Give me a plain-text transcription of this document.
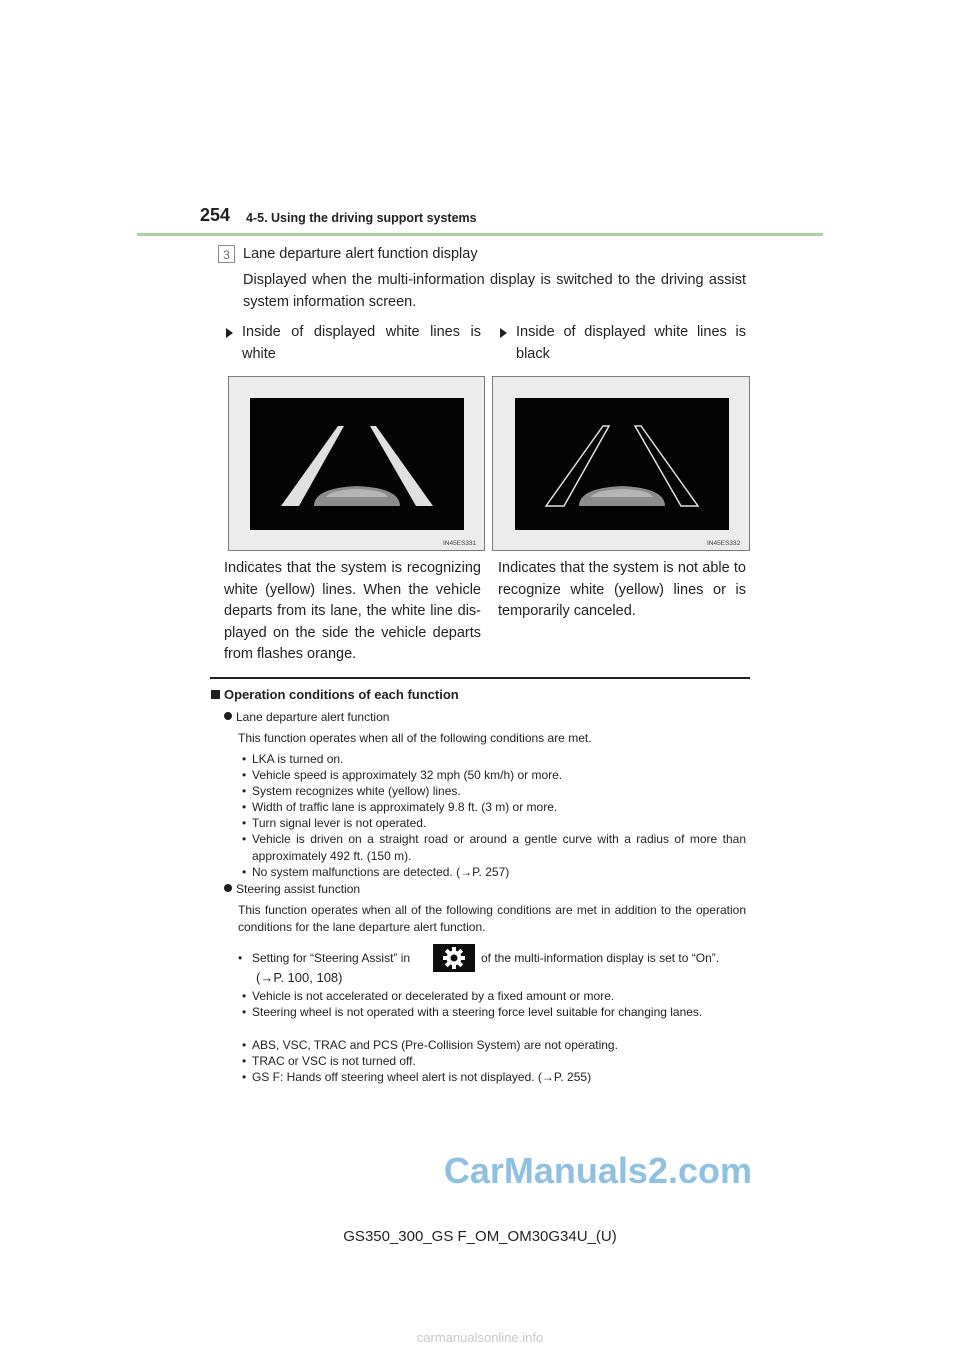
254 4-5. Using the driving support systems
3 Lane departure alert function display
Displayed when the multi-information display is switched to the driving assist system information screen.
Inside of displayed white lines is white
Inside of displayed white lines is black
IN45ES331	IN45ES332
Indicates that the system is recognizing white (yellow) lines. When the vehicle departs from its lane, the white line dis- played on the side the vehicle departs from flashes orange.
Indicates that the system is not able to recognize white (yellow) lines or is temporarily canceled.
Operation conditions of each function
Lane departure alert function
This function operates when all of the following conditions are met.
• LKA is turned on.
• Vehicle speed is approximately 32 mph (50 km/h) or more.
• System recognizes white (yellow) lines.
• Width of traffic lane is approximately 9.8 ft. (3 m) or more.
• Turn signal lever is not operated.
• Vehicle is driven on a straight road or around a gentle curve with a radius of more than approximately 492 ft. (150 m).
• No system malfunctions are detected. (→P. 257)
Steering assist function
This function operates when all of the following conditions are met in addition to the operation conditions for the lane departure alert function.
• Setting for “Steering Assist” in	of the multi-information display is set to “On”.
(→P. 100, 108)
• Vehicle is not accelerated or decelerated by a fixed amount or more.
• Steering wheel is not operated with a steering force level suitable for changing lanes.
• ABS, VSC, TRAC and PCS (Pre-Collision System) are not operating.
• TRAC or VSC is not turned off.
• GS F: Hands off steering wheel alert is not displayed. (→P. 255)
CarManuals2.com
GS350_300_GS F_OM_OM30G34U_(U)
carmanualsonline.info
